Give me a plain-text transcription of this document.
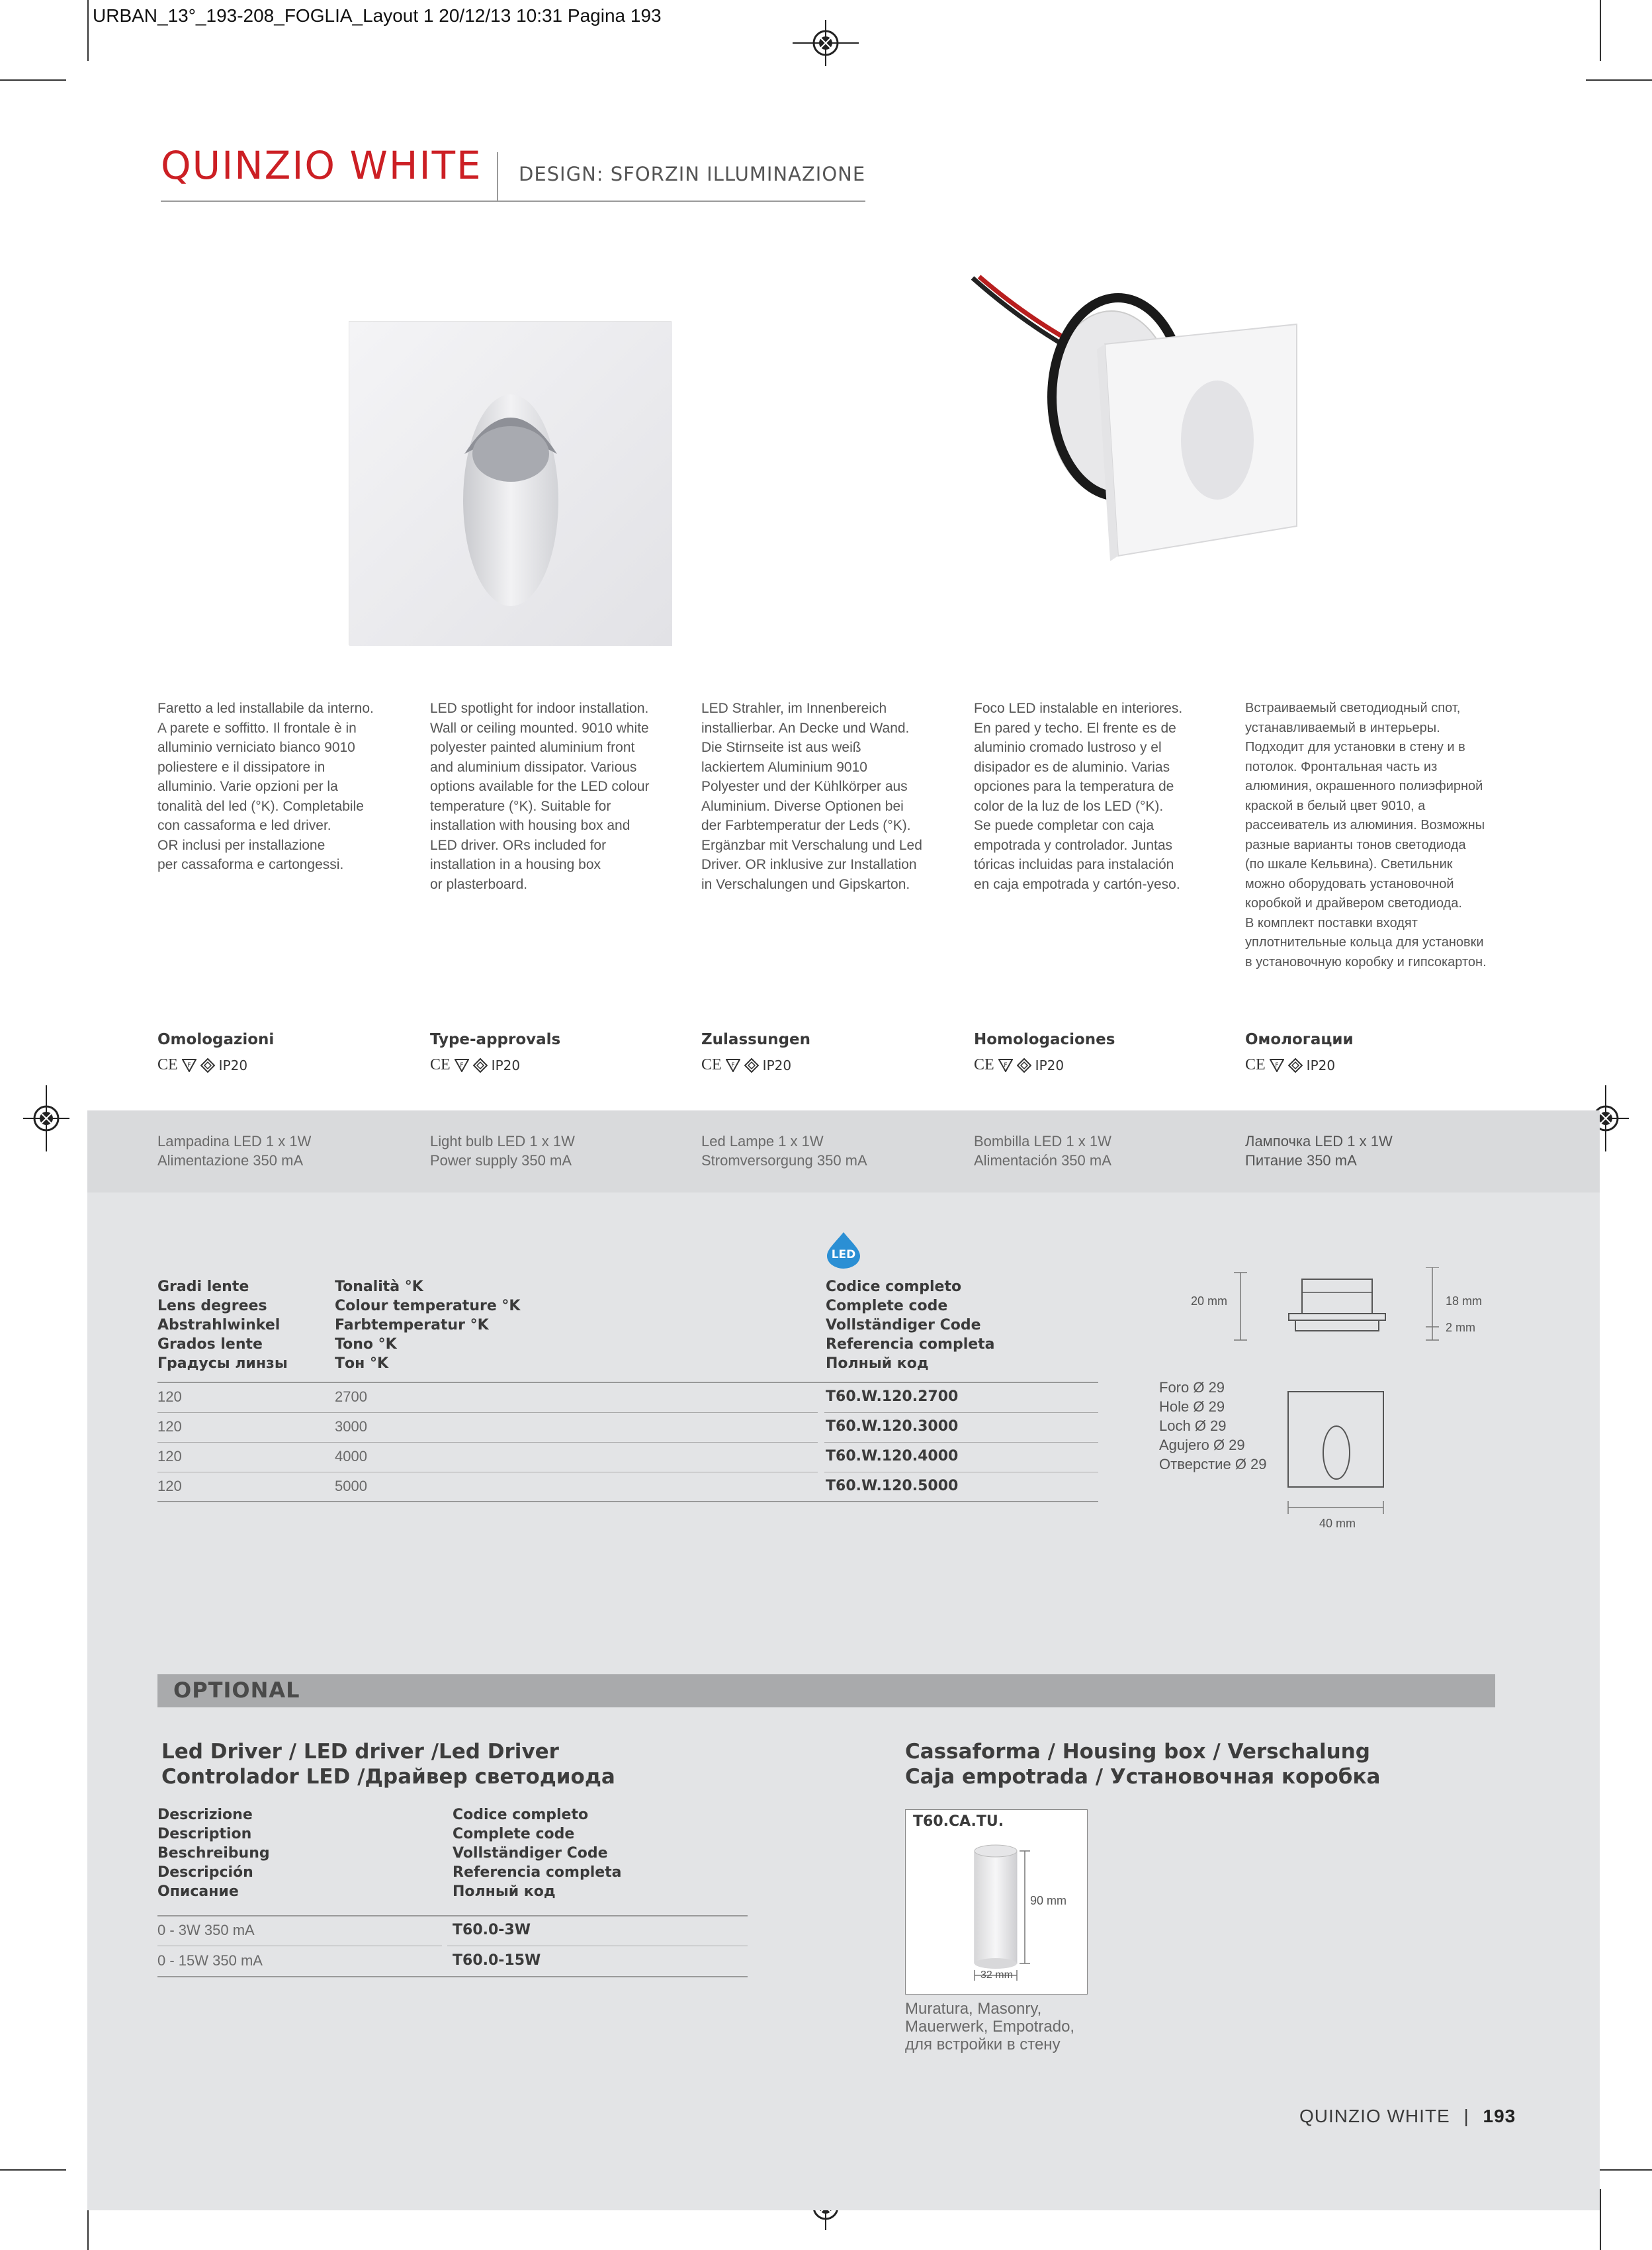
URBAN_13°_193-208_FOGLIA_Layout 1 20/12/13 10:31 Pagina 193
QUINZIO WHITE DESIGN: SFORZIN ILLUMINAZIONE
Faretto a led installabile da interno.
A parete e soffitto. Il frontale è in
alluminio verniciato bianco 9010
poliestere e il dissipatore in
alluminio. Varie opzioni per la
tonalità del led (°K). Completabile
con cassaforma e led driver.
OR inclusi per installazione
per cassaforma e cartongessi.
LED spotlight for indoor installation.
Wall or ceiling mounted. 9010 white
polyester painted aluminium front
and aluminium dissipator. Various
options available for the LED colour
temperature (°K). Suitable for
installation with housing box and
LED driver. ORs included for
installation in a housing box
or plasterboard.
LED Strahler, im Innenbereich
installierbar. An Decke und Wand.
Die Stirnseite ist aus weiß
lackiertem Aluminium 9010
Polyester und der Kühlkörper aus
Aluminium. Diverse Optionen bei
der Farbtemperatur der Leds (°K).
Ergänzbar mit Verschalung und Led
Driver. OR inklusive zur Installation
in Verschalungen und Gipskarton.
Foco LED instalable en interiores.
En pared y techo. El frente es de
aluminio cromado lustroso y el
disipador es de aluminio. Varias
opciones para la temperatura de
color de la luz de los LED (°K).
Se puede completar con caja
empotrada y controlador. Juntas
tóricas incluidas para instalación
en caja empotrada y cartón-yeso.
Встраиваемый светодиодный спот,
устанавливаемый в интерьеры.
Подходит для установки в стену и в
потолок. Фронтальная часть из
алюминия, окрашенного полиэфирной
краской в белый цвет 9010, а
рассеиватель из алюминия. Возможны
разные варианты тонов светодиода
(по шкале Кельвина). Светильник
можно оборудовать установочной
коробкой и драйвером светодиода.
В комплект поставки входят
уплотнительные кольца для установки
в установочную коробку и гипсокартон.
Omologazioni
CE F IP20
Type-approvals
CE F IP20
Zulassungen
CE F IP20
Homologaciones
CE F IP20
Омологации
CE F IP20
Lampadina LED 1 x 1W
Alimentazione 350 mA
Light bulb LED 1 x 1W
Power supply 350 mA
Led Lampe 1 x 1W
Stromversorgung 350 mA
Bombilla LED 1 x 1W
Alimentación 350 mA
Лампочка LED 1 x 1W
Питание 350 mA
LED
Gradi lente
Lens degrees
Abstrahlwinkel
Grados lente
Градусы линзы
Tonalità °K
Colour temperature °K
Farbtemperatur °K
Tono °K
Тон °K
Codice completo
Complete code
Vollständiger Code
Referencia completa
Полный код
120	2700	T60.W.120.2700
120	3000	T60.W.120.3000
120	4000	T60.W.120.4000
120	5000	T60.W.120.5000
20 mm	18 mm
2 mm
Foro Ø 29
Hole Ø 29
Loch Ø 29
Agujero Ø 29
Отверстие Ø 29
40 mm
OPTIONAL
Led Driver / LED driver /Led Driver
Controlador LED /Драйвер светодиода
Descrizione
Description
Beschreibung
Descripción
Описание
Codice completo
Complete code
Vollständiger Code
Referencia completa
Полный код
0 - 3W 350 mA	T60.0-3W
0 - 15W 350 mA	T60.0-15W
Cassaforma / Housing box / Verschalung
Caja empotrada / Установочная коробка
T60.CA.TU.
90 mm
32 mm
Muratura, Masonry,
Mauerwerk, Empotrado,
для встройки в стену
QUINZIO WHITE | 193
